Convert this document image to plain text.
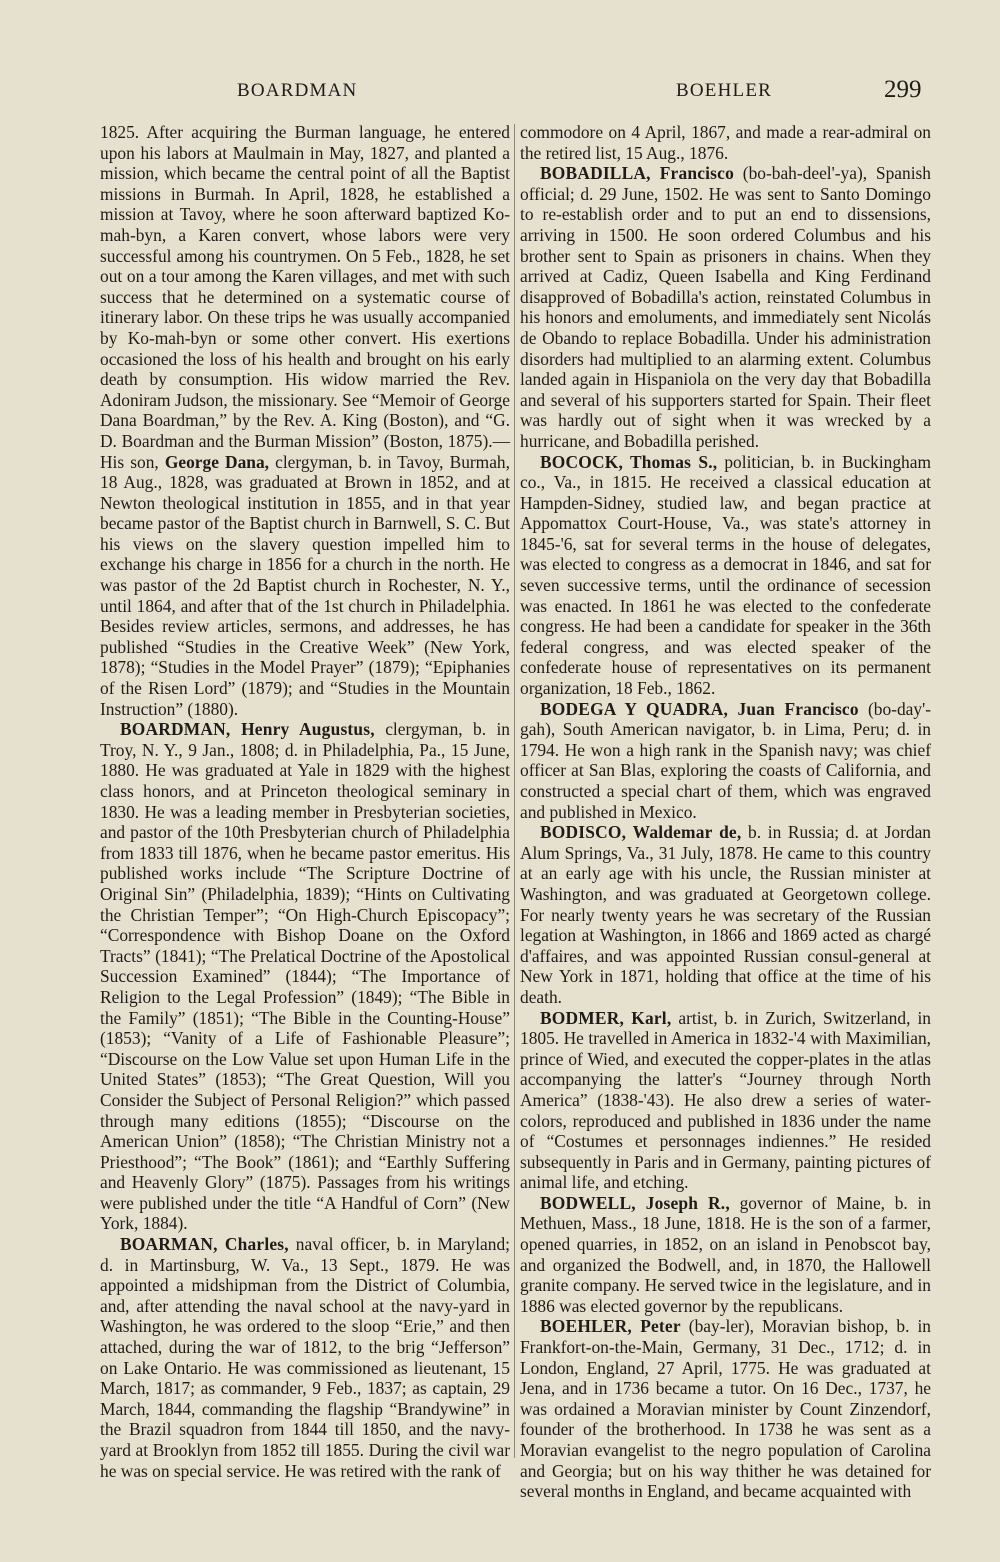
BOARDMAN	BOEHLER	299

1825. After acquiring the Burman language, he entered upon his labors at Maulmain in May, 1827, and planted a mission, which became the central point of all the Baptist missions in Burmah. In April, 1828, he established a mission at Tavoy, where he soon afterward baptized Ko-mah-byn, a Karen convert, whose labors were very successful among his countrymen. On 5 Feb., 1828, he set out on a tour among the Karen villages, and met with such success that he determined on a systematic course of itinerary labor. On these trips he was usually accompanied by Ko-mah-byn or some other convert. His exertions occasioned the loss of his health and brought on his early death by consumption. His widow married the Rev. Adoniram Judson, the missionary. See “Memoir of George Dana Boardman,” by the Rev. A. King (Boston), and “G. D. Boardman and the Burman Mission” (Boston, 1875).—His son, George Dana, clergyman, b. in Tavoy, Burmah, 18 Aug., 1828, was graduated at Brown in 1852, and at Newton theological institution in 1855, and in that year became pastor of the Baptist church in Barnwell, S. C. But his views on the slavery question impelled him to exchange his charge in 1856 for a church in the north. He was pastor of the 2d Baptist church in Rochester, N. Y., until 1864, and after that of the 1st church in Philadelphia. Besides review articles, sermons, and addresses, he has published “Studies in the Creative Week” (New York, 1878); “Studies in the Model Prayer” (1879); “Epiphanies of the Risen Lord” (1879); and “Studies in the Mountain Instruction” (1880).

BOARDMAN, Henry Augustus, clergyman, b. in Troy, N. Y., 9 Jan., 1808; d. in Philadelphia, Pa., 15 June, 1880. He was graduated at Yale in 1829 with the highest class honors, and at Princeton theological seminary in 1830. He was a leading member in Presbyterian societies, and pastor of the 10th Presbyterian church of Philadelphia from 1833 till 1876, when he became pastor emeritus. His published works include “The Scripture Doctrine of Original Sin” (Philadelphia, 1839); “Hints on Cultivating the Christian Temper”; “On High-Church Episcopacy”; “Correspondence with Bishop Doane on the Oxford Tracts” (1841); “The Prelatical Doctrine of the Apostolical Succession Examined” (1844); “The Importance of Religion to the Legal Profession” (1849); “The Bible in the Family” (1851); “The Bible in the Counting-House” (1853); “Vanity of a Life of Fashionable Pleasure”; “Discourse on the Low Value set upon Human Life in the United States” (1853); “The Great Question, Will you Consider the Subject of Personal Religion?” which passed through many editions (1855); “Discourse on the American Union” (1858); “The Christian Ministry not a Priesthood”; “The Book” (1861); and “Earthly Suffering and Heavenly Glory” (1875). Passages from his writings were published under the title “A Handful of Corn” (New York, 1884).

BOARMAN, Charles, naval officer, b. in Maryland; d. in Martinsburg, W. Va., 13 Sept., 1879. He was appointed a midshipman from the District of Columbia, and, after attending the naval school at the navy-yard in Washington, he was ordered to the sloop “Erie,” and then attached, during the war of 1812, to the brig “Jefferson” on Lake Ontario. He was commissioned as lieutenant, 15 March, 1817; as commander, 9 Feb., 1837; as captain, 29 March, 1844, commanding the flagship “Brandywine” in the Brazil squadron from 1844 till 1850, and the navy-yard at Brooklyn from 1852 till 1855. During the civil war he was on special service. He was retired with the rank of

commodore on 4 April, 1867, and made a rear-admiral on the retired list, 15 Aug., 1876.

BOBADILLA, Francisco (bo-bah-deel'-ya), Spanish official; d. 29 June, 1502. He was sent to Santo Domingo to re-establish order and to put an end to dissensions, arriving in 1500. He soon ordered Columbus and his brother sent to Spain as prisoners in chains. When they arrived at Cadiz, Queen Isabella and King Ferdinand disapproved of Bobadilla's action, reinstated Columbus in his honors and emoluments, and immediately sent Nicolás de Obando to replace Bobadilla. Under his administration disorders had multiplied to an alarming extent. Columbus landed again in Hispaniola on the very day that Bobadilla and several of his supporters started for Spain. Their fleet was hardly out of sight when it was wrecked by a hurricane, and Bobadilla perished.

BOCOCK, Thomas S., politician, b. in Buckingham co., Va., in 1815. He received a classical education at Hampden-Sidney, studied law, and began practice at Appomattox Court-House, Va., was state's attorney in 1845-'6, sat for several terms in the house of delegates, was elected to congress as a democrat in 1846, and sat for seven successive terms, until the ordinance of secession was enacted. In 1861 he was elected to the confederate congress. He had been a candidate for speaker in the 36th federal congress, and was elected speaker of the confederate house of representatives on its permanent organization, 18 Feb., 1862.

BODEGA Y QUADRA, Juan Francisco (bo-day'-gah), South American navigator, b. in Lima, Peru; d. in 1794. He won a high rank in the Spanish navy; was chief officer at San Blas, exploring the coasts of California, and constructed a special chart of them, which was engraved and published in Mexico.

BODISCO, Waldemar de, b. in Russia; d. at Jordan Alum Springs, Va., 31 July, 1878. He came to this country at an early age with his uncle, the Russian minister at Washington, and was graduated at Georgetown college. For nearly twenty years he was secretary of the Russian legation at Washington, in 1866 and 1869 acted as chargé d'affaires, and was appointed Russian consul-general at New York in 1871, holding that office at the time of his death.

BODMER, Karl, artist, b. in Zurich, Switzerland, in 1805. He travelled in America in 1832-'4 with Maximilian, prince of Wied, and executed the copper-plates in the atlas accompanying the latter's “Journey through North America” (1838-'43). He also drew a series of water-colors, reproduced and published in 1836 under the name of “Costumes et personnages indiennes.” He resided subsequently in Paris and in Germany, painting pictures of animal life, and etching.

BODWELL, Joseph R., governor of Maine, b. in Methuen, Mass., 18 June, 1818. He is the son of a farmer, opened quarries, in 1852, on an island in Penobscot bay, and organized the Bodwell, and, in 1870, the Hallowell granite company. He served twice in the legislature, and in 1886 was elected governor by the republicans.

BOEHLER, Peter (bay-ler), Moravian bishop, b. in Frankfort-on-the-Main, Germany, 31 Dec., 1712; d. in London, England, 27 April, 1775. He was graduated at Jena, and in 1736 became a tutor. On 16 Dec., 1737, he was ordained a Moravian minister by Count Zinzendorf, founder of the brotherhood. In 1738 he was sent as a Moravian evangelist to the negro population of Carolina and Georgia; but on his way thither he was detained for several months in England, and became acquainted with
